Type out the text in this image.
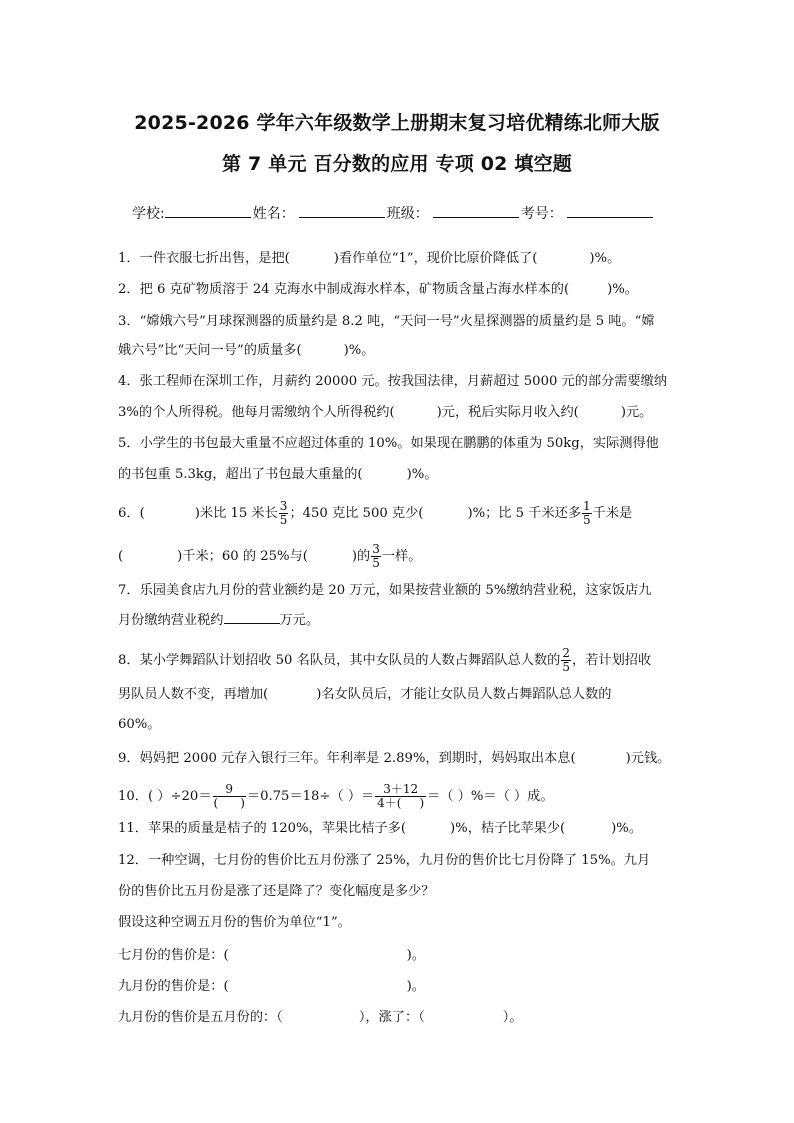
2025-2026 学年六年级数学上册期末复习培优精练北师大版
第 7 单元 百分数的应用 专项 02 填空题
学校:	姓名：	班级：	考号：
1．一件衣服七折出售，是把(	)看作单位“1”，现价比原价降低了(	)%。
2．把 6 克矿物质溶于 24 克海水中制成海水样本，矿物质含量占海水样本的(	)%。
3．“嫦娥六号”月球探测器的质量约是 8.2 吨，“天问一号”火星探测器的质量约是 5 吨。“嫦
娥六号”比“天问一号”的质量多(	)%。
4．张工程师在深圳工作，月薪约 20000 元。按我国法律，月薪超过 5000 元的部分需要缴纳
3%的个人所得税。他每月需缴纳个人所得税约(	)元，税后实际月收入约(	)元。
5．小学生的书包最大重量不应超过体重的 10%。如果现在鹏鹏的体重为 50kg，实际测得他
的书包重 5.3kg，超出了书包最大重量的(	)%。
6．(	)米比 15 米长 $\frac{3}{5}$ ；450 克比 500 克少(	)%；比 5 千米还多 $\frac{1}{5}$ 千米是
(	)千米；60 的 25%与(	)的 $\frac{3}{5}$ 一样。
7．乐园美食店九月份的营业额约是 20 万元，如果按营业额的 5%缴纳营业税，这家饭店九
月份缴纳营业税约	万元。
8．某小学舞蹈队计划招收 50 名队员，其中女队员的人数占舞蹈队总人数的 $\frac{2}{5}$ ，若计划招收
男队员人数不变，再增加(	)名女队员后，才能让女队员人数占舞蹈队总人数的
60%。
9．妈妈把 2000 元存入银行三年。年利率是 2.89%，到期时，妈妈取出本息(	)元钱。
10．( ）$\div 20= \frac{9}{( )} =0.75=18\div$（ ）＝ $\frac{3+12}{4+( )}$ ＝（ ）%＝（ ）成。
11．苹果的质量是桔子的 120%，苹果比桔子多(	)%，桔子比苹果少(	)%。
12．一种空调，七月份的售价比五月份涨了 25%，九月份的售价比七月份降了 15%。九月
份的售价比五月份是涨了还是降了？变化幅度是多少？
假设这种空调五月份的售价为单位“1”。
七月份的售价是：(	)。
九月份的售价是：(	)。
九月份的售价是五月份的：（	），涨了：（	）。
